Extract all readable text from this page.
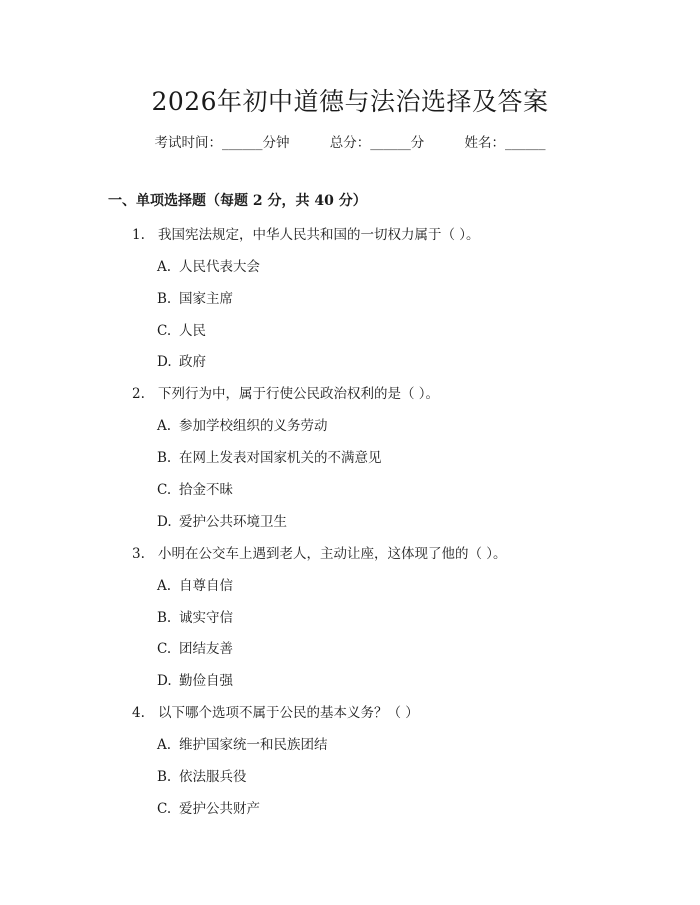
2026年初中道德与法治选择及答案
考试时间：______分钟	总分：______分	姓名：______
一、单项选择题（每题 2 分，共 40 分）
1. 我国宪法规定，中华人民共和国的一切权力属于（ ）。
A. 人民代表大会
B. 国家主席
C. 人民
D. 政府
2. 下列行为中，属于行使公民政治权利的是（ ）。
A. 参加学校组织的义务劳动
B. 在网上发表对国家机关的不满意见
C. 拾金不昧
D. 爱护公共环境卫生
3. 小明在公交车上遇到老人，主动让座，这体现了他的（ ）。
A. 自尊自信
B. 诚实守信
C. 团结友善
D. 勤俭自强
4. 以下哪个选项不属于公民的基本义务？（ ）
A. 维护国家统一和民族团结
B. 依法服兵役
C. 爱护公共财产
